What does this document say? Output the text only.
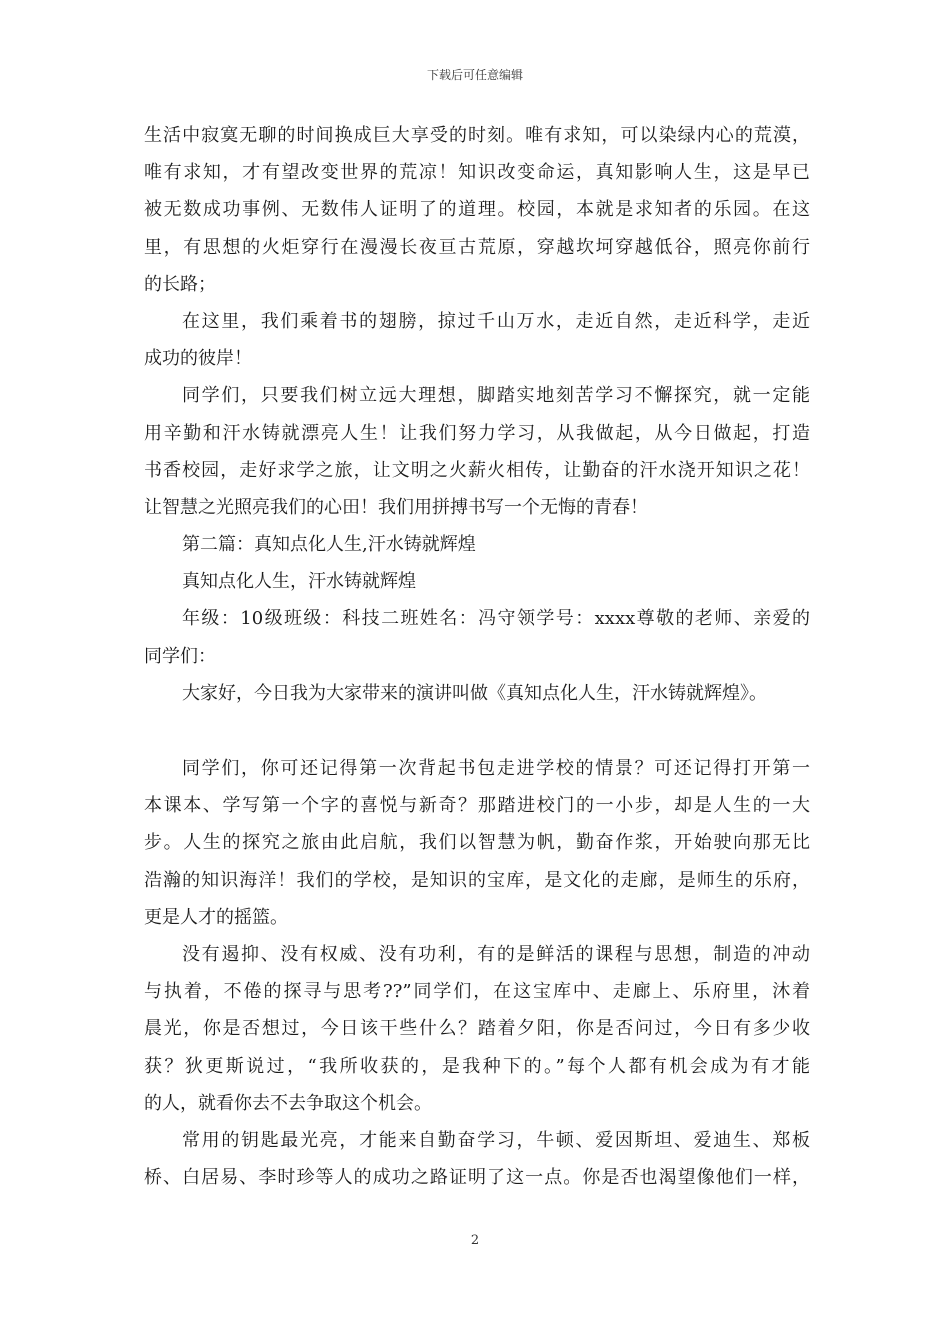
下载后可任意编辑
生活中寂寞无聊的时间换成巨大享受的时刻。唯有求知，可以染绿内心的荒漠，
唯有求知，才有望改变世界的荒凉！知识改变命运，真知影响人生，这是早已
被无数成功事例、无数伟人证明了的道理。校园，本就是求知者的乐园。在这
里，有思想的火炬穿行在漫漫长夜亘古荒原，穿越坎坷穿越低谷，照亮你前行
的长路；
在这里，我们乘着书的翅膀，掠过千山万水，走近自然，走近科学，走近
成功的彼岸！
同学们，只要我们树立远大理想，脚踏实地刻苦学习不懈探究，就一定能
用辛勤和汗水铸就漂亮人生！让我们努力学习，从我做起，从今日做起，打造
书香校园，走好求学之旅，让文明之火薪火相传，让勤奋的汗水浇开知识之花！
让智慧之光照亮我们的心田！我们用拼搏书写一个无悔的青春！
第二篇：真知点化人生,汗水铸就辉煌
真知点化人生，汗水铸就辉煌
年级：10级班级：科技二班姓名：冯守领学号：xxxx尊敬的老师、亲爱的
同学们：
大家好，今日我为大家带来的演讲叫做《真知点化人生，汗水铸就辉煌》。
同学们，你可还记得第一次背起书包走进学校的情景？可还记得打开第一
本课本、学写第一个字的喜悦与新奇？那踏进校门的一小步，却是人生的一大
步。人生的探究之旅由此启航，我们以智慧为帆，勤奋作浆，开始驶向那无比
浩瀚的知识海洋！我们的学校，是知识的宝库，是文化的走廊，是师生的乐府，
更是人才的摇篮。
没有遏抑、没有权威、没有功利，有的是鲜活的课程与思想，制造的冲动
与执着，不倦的探寻与思考??”同学们，在这宝库中、走廊上、乐府里，沐着
晨光，你是否想过，今日该干些什么？踏着夕阳，你是否问过，今日有多少收
获？狄更斯说过，“我所收获的，是我种下的。”每个人都有机会成为有才能
的人，就看你去不去争取这个机会。
常用的钥匙最光亮，才能来自勤奋学习，牛顿、爱因斯坦、爱迪生、郑板
桥、白居易、李时珍等人的成功之路证明了这一点。你是否也渴望像他们一样，
2
